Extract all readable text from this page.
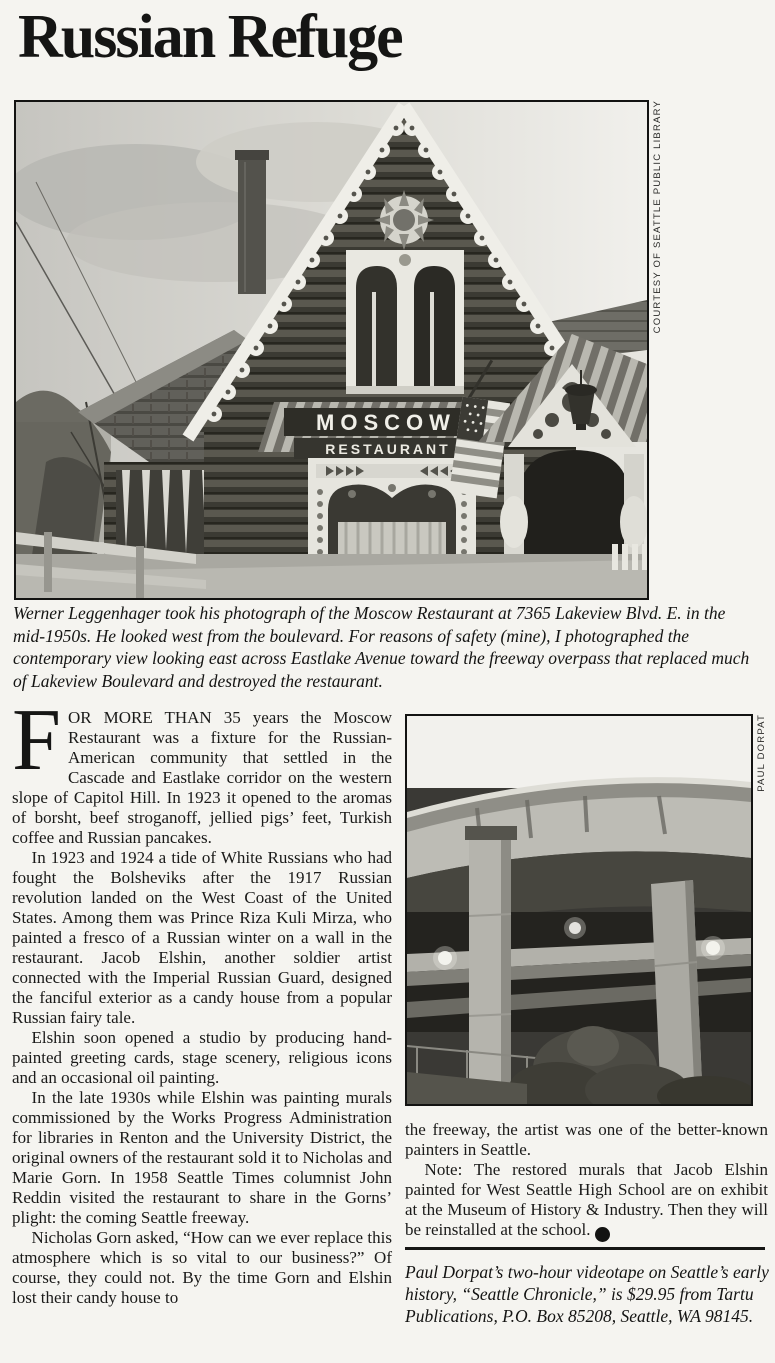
Russian Refuge
MOSCOW
RESTAURANT
COURTESY OF SEATTLE PUBLIC LIBRARY

Werner Leggenhager took his photograph of the Moscow Restaurant at 7365 Lakeview Blvd. E. in the mid-1950s. He looked west from the boulevard. For reasons of safety (mine), I photographed the contemporary view looking east across Eastlake Avenue toward the freeway overpass that replaced much of Lakeview Boulevard and destroyed the restaurant.

FOR MORE THAN 35 years the Moscow Restaurant was a fixture for the Russian-American community that settled in the Cascade and Eastlake corridor on the western slope of Capitol Hill. In 1923 it opened to the aromas of borsht, beef stroganoff, jellied pigs’ feet, Turkish coffee and Russian pancakes.

In 1923 and 1924 a tide of White Russians who had fought the Bolsheviks after the 1917 Russian revolution landed on the West Coast of the United States. Among them was Prince Riza Kuli Mirza, who painted a fresco of a Russian winter on a wall in the restaurant. Jacob Elshin, another soldier artist connected with the Imperial Russian Guard, designed the fanciful exterior as a candy house from a popular Russian fairy tale.

Elshin soon opened a studio by producing hand-painted greeting cards, stage scenery, religious icons and an occasional oil painting.

In the late 1930s while Elshin was painting murals commissioned by the Works Progress Administration for libraries in Renton and the University District, the original owners of the restaurant sold it to Nicholas and Marie Gorn. In 1958 Seattle Times columnist John Reddin visited the restaurant to share in the Gorns’ plight: the coming Seattle freeway.

Nicholas Gorn asked, “How can we ever replace this atmosphere which is so vital to our business?” Of course, they could not. By the time Gorn and Elshin lost their candy house to

PAUL DORPAT

the freeway, the artist was one of the better-known painters in Seattle.

Note: The restored murals that Jacob Elshin painted for West Seattle High School are on exhibit at the Museum of History & Industry. Then they will be reinstalled at the school. P

Paul Dorpat’s two-hour videotape on Seattle’s early history, “Seattle Chronicle,” is $29.95 from Tartu Publications, P.O. Box 85208, Seattle, WA 98145.
